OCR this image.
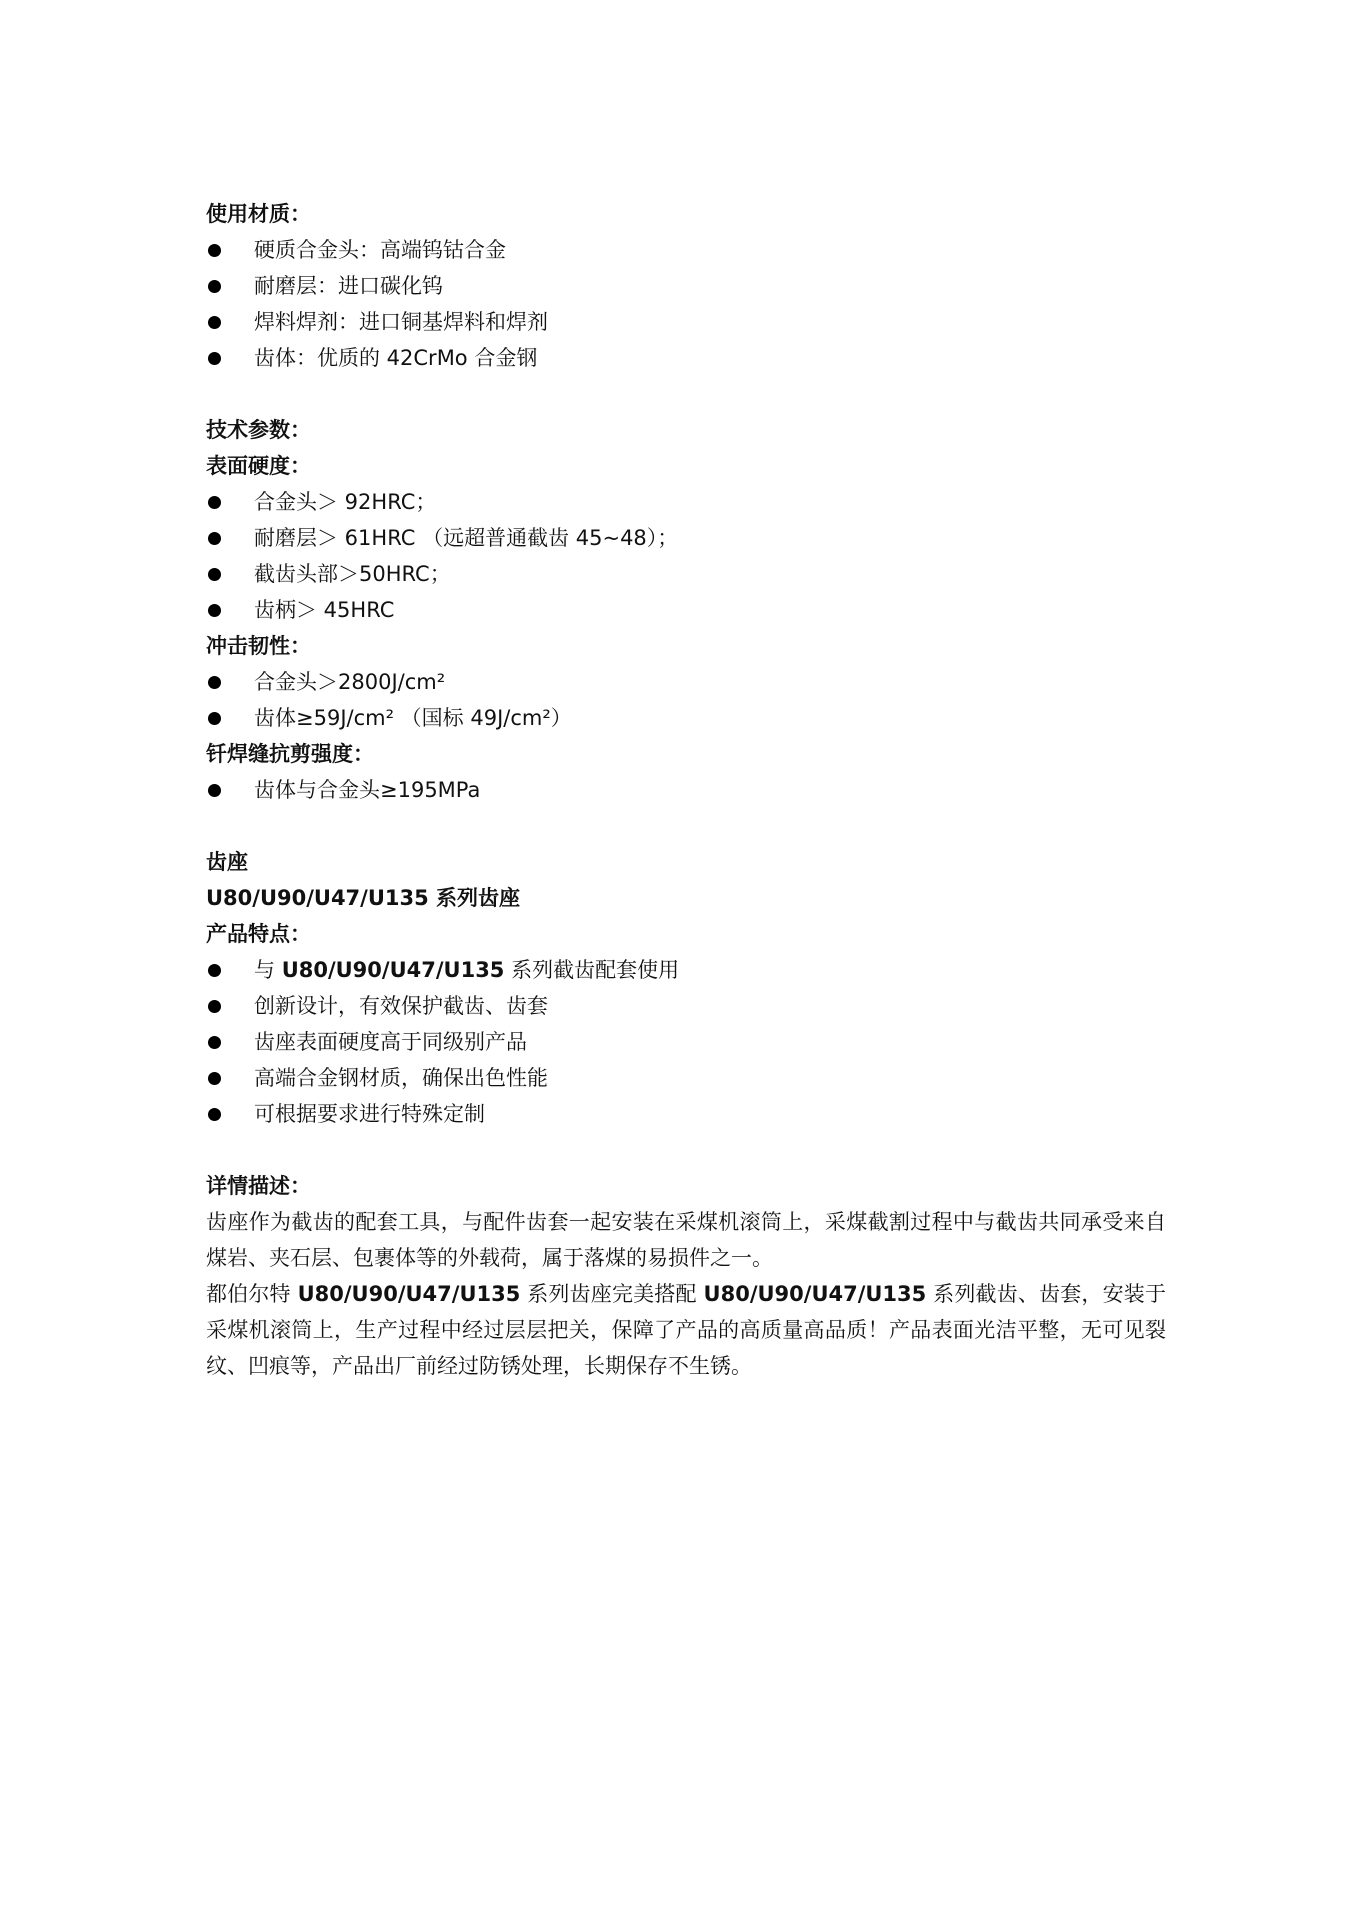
使用材质：
硬质合金头：高端钨钴合金
耐磨层：进口碳化钨
焊料焊剂：进口铜基焊料和焊剂
齿体：优质的 42CrMo 合金钢
技术参数：
表面硬度：
合金头＞ 92HRC；
耐磨层＞ 61HRC （远超普通截齿 45~48）；
截齿头部＞50HRC；
齿柄＞ 45HRC
冲击韧性：
合金头＞2800J/cm²
齿体≥59J/cm² （国标 49J/cm²）
钎焊缝抗剪强度：
齿体与合金头≥195MPa
齿座
U80/U90/U47/U135 系列齿座
产品特点：
与 U80/U90/U47/U135 系列截齿配套使用
创新设计，有效保护截齿、齿套
齿座表面硬度高于同级别产品
高端合金钢材质，确保出色性能
可根据要求进行特殊定制
详情描述：

齿座作为截齿的配套工具，与配件齿套一起安装在采煤机滚筒上，采煤截割过程中与截齿共同承受来自煤岩、夹石层、包裹体等的外载荷，属于落煤的易损件之一。

都伯尔特 U80/U90/U47/U135 系列齿座完美搭配 U80/U90/U47/U135 系列截齿、齿套，安装于采煤机滚筒上，生产过程中经过层层把关，保障了产品的高质量高品质！产品表面光洁平整，无可见裂纹、凹痕等，产品出厂前经过防锈处理，长期保存不生锈。
